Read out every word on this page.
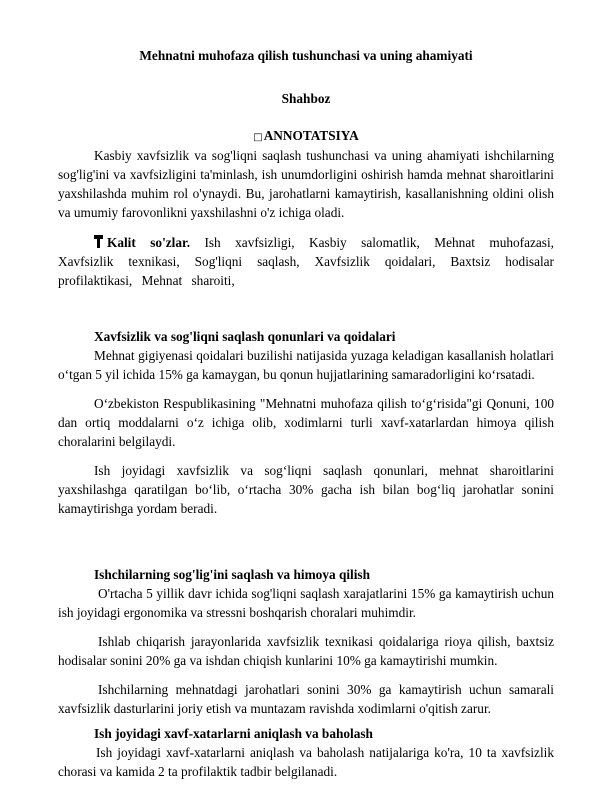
Mehnatni muhofaza qilish tushunchasi va uning ahamiyati
Shahboz
□ANNOTATSIYA

Kasbiy xavfsizlik va sog'liqni saqlash tushunchasi va uning ahamiyati ishchilarning sog'lig'ini va xavfsizligini ta'minlash, ish unumdorligini oshirish hamda mehnat sharoitlarini yaxshilashda muhim rol o'ynaydi. Bu, jarohatlarni kamaytirish, kasallanishning oldini olish va umumiy farovonlikni yaxshilashni o'z ichiga oladi.

Kalit so'zlar. Ish xavfsizligi, Kasbiy salomatlik, Mehnat muhofazasi, Xavfsizlik texnikasi, Sog'liqni saqlash, Xavfsizlik qoidalari, Baxtsiz hodisalar profilaktikasi, Mehnat sharoiti,

Xavfsizlik va sog'liqni saqlash qonunlari va qoidalari

Mehnat gigiyenasi qoidalari buzilishi natijasida yuzaga keladigan kasallanish holatlari o‘tgan 5 yil ichida 15% ga kamaygan, bu qonun hujjatlarining samaradorligini ko‘rsatadi.

O‘zbekiston Respublikasining "Mehnatni muhofaza qilish to‘g‘risida"gi Qonuni, 100 dan ortiq moddalarni o‘z ichiga olib, xodimlarni turli xavf-xatarlardan himoya qilish choralarini belgilaydi.

Ish joyidagi xavfsizlik va sog‘liqni saqlash qonunlari, mehnat sharoitlarini yaxshilashga qaratilgan bo‘lib, o‘rtacha 30% gacha ish bilan bog‘liq jarohatlar sonini kamaytirishga yordam beradi.

Ishchilarning sog'lig'ini saqlash va himoya qilish

O'rtacha 5 yillik davr ichida sog'liqni saqlash xarajatlarini 15% ga kamaytirish uchun ish joyidagi ergonomika va stressni boshqarish choralari muhimdir.

Ishlab chiqarish jarayonlarida xavfsizlik texnikasi qoidalariga rioya qilish, baxtsiz hodisalar sonini 20% ga va ishdan chiqish kunlarini 10% ga kamaytirishi mumkin.

Ishchilarning mehnatdagi jarohatlari sonini 30% ga kamaytirish uchun samarali xavfsizlik dasturlarini joriy etish va muntazam ravishda xodimlarni o'qitish zarur.

Ish joyidagi xavf-xatarlarni aniqlash va baholash

Ish joyidagi xavf-xatarlarni aniqlash va baholash natijalariga ko'ra, 10 ta xavfsizlik chorasi va kamida 2 ta profilaktik tadbir belgilanadi.
